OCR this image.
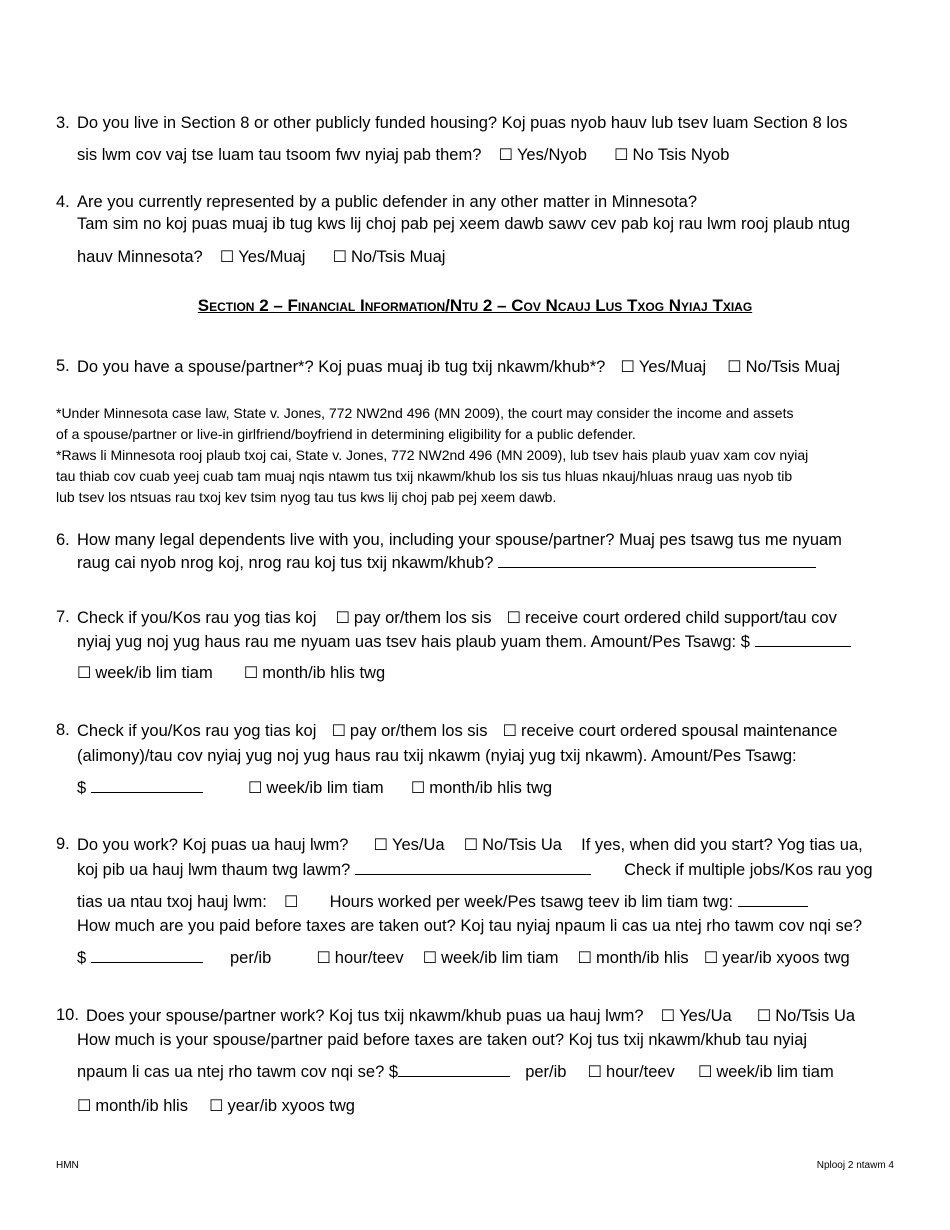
3. Do you live in Section 8 or other publicly funded housing? Koj puas nyob hauv lub tsev luam Section 8 los
sis lwm cov vaj tse luam tau tsoom fwv nyiaj pab them? ☐ Yes/Nyob ☐ No Tsis Nyob
4. Are you currently represented by a public defender in any other matter in Minnesota?
Tam sim no koj puas muaj ib tug kws lij choj pab pej xeem dawb sawv cev pab koj rau lwm rooj plaub ntug
hauv Minnesota? ☐ Yes/Muaj ☐ No/Tsis Muaj
Section 2 – Financial Information/Ntu 2 – Cov Ncauj Lus Txog Nyiaj Txiag
5. Do you have a spouse/partner*? Koj puas muaj ib tug txij nkawm/khub*? ☐ Yes/Muaj ☐ No/Tsis Muaj
*Under Minnesota case law, State v. Jones, 772 NW2nd 496 (MN 2009), the court may consider the income and assets
of a spouse/partner or live-in girlfriend/boyfriend in determining eligibility for a public defender.
*Raws li Minnesota rooj plaub txoj cai, State v. Jones, 772 NW2nd 496 (MN 2009), lub tsev hais plaub yuav xam cov nyiaj
tau thiab cov cuab yeej cuab tam muaj nqis ntawm tus txij nkawm/khub los sis tus hluas nkauj/hluas nraug uas nyob tib
lub tsev los ntsuas rau txoj kev tsim nyog tau tus kws lij choj pab pej xeem dawb.
6. How many legal dependents live with you, including your spouse/partner? Muaj pes tsawg tus me nyuam
raug cai nyob nrog koj, nrog rau koj tus txij nkawm/khub?
7. Check if you/Kos rau yog tias koj ☐ pay or/them los sis ☐ receive court ordered child support/tau cov
nyiaj yug noj yug haus rau me nyuam uas tsev hais plaub yuam them. Amount/Pes Tsawg: $
☐ week/ib lim tiam ☐ month/ib hlis twg
8. Check if you/Kos rau yog tias koj ☐ pay or/them los sis ☐ receive court ordered spousal maintenance
(alimony)/tau cov nyiaj yug noj yug haus rau txij nkawm (nyiaj yug txij nkawm). Amount/Pes Tsawg:
$	☐ week/ib lim tiam ☐ month/ib hlis twg
9. Do you work? Koj puas ua hauj lwm? ☐ Yes/Ua ☐ No/Tsis Ua If yes, when did you start? Yog tias ua,
koj pib ua hauj lwm thaum twg lawm?	Check if multiple jobs/Kos rau yog
tias ua ntau txoj hauj lwm: ☐ Hours worked per week/Pes tsawg teev ib lim tiam twg:
How much are you paid before taxes are taken out? Koj tau nyiaj npaum li cas ua ntej rho tawm cov nqi se?
$	per/ib	☐ hour/teev ☐ week/ib lim tiam ☐ month/ib hlis ☐ year/ib xyoos twg
10. Does your spouse/partner work? Koj tus txij nkawm/khub puas ua hauj lwm? ☐ Yes/Ua ☐ No/Tsis Ua
How much is your spouse/partner paid before taxes are taken out? Koj tus txij nkawm/khub tau nyiaj
npaum li cas ua ntej rho tawm cov nqi se? $	per/ib ☐ hour/teev ☐ week/ib lim tiam
☐ month/ib hlis ☐ year/ib xyoos twg
HMN	Nplooj 2 ntawm 4
